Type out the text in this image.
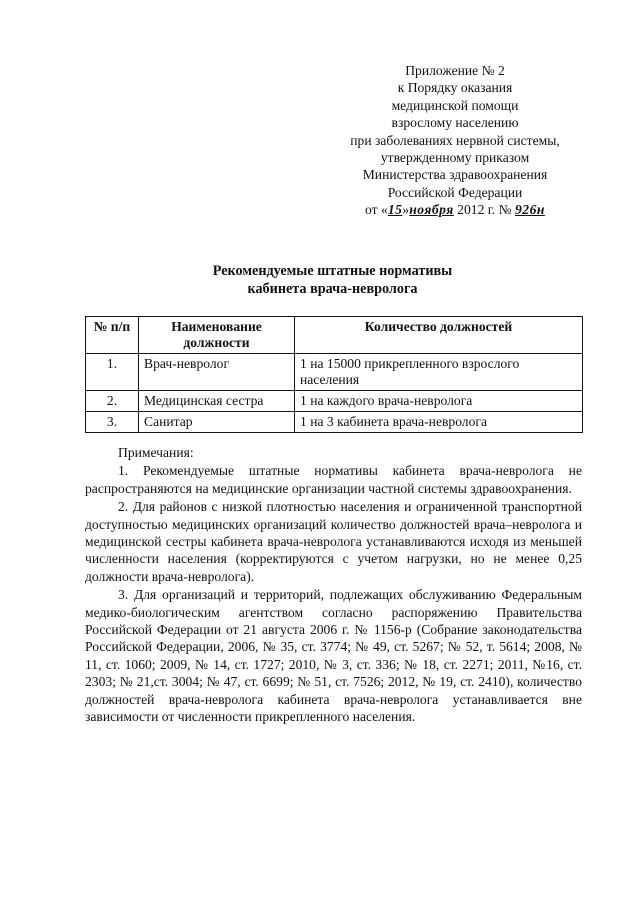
Приложение № 2
к Порядку оказания
медицинской помощи
взрослому населению
при заболеваниях нервной системы,
утвержденному приказом
Министерства здравоохранения
Российской Федерации
от «15»ноября 2012 г. № 926н
Рекомендуемые штатные нормативы
кабинета врача-невролога
№ п/п	Наименование должности	Количество должностей
1.	Врач-невролог	1 на 15000 прикрепленного взрослого населения
2.	Медицинская сестра	1 на каждого врача-невролога
3.	Санитар	1 на 3 кабинета врача-невролога

Примечания:

1. Рекомендуемые штатные нормативы кабинета врача-невролога не распространяются на медицинские организации частной системы здравоохранения.

2. Для районов с низкой плотностью населения и ограниченной транспортной доступностью медицинских организаций количество должностей врача–невролога и медицинской сестры кабинета врача-невролога устанавливаются исходя из меньшей численности населения (корректируются с учетом нагрузки, но не менее 0,25 должности врача-невролога).

3. Для организаций и территорий, подлежащих обслуживанию Федеральным медико-биологическим агентством согласно распоряжению Правительства Российской Федерации от 21 августа 2006 г. № 1156-р (Собрание законодательства Российской Федерации, 2006, № 35, ст. 3774; № 49, ст. 5267; № 52, т. 5614; 2008, № 11, ст. 1060; 2009, № 14, ст. 1727; 2010, № 3, ст. 336; № 18, ст. 2271; 2011, №16, ст. 2303; № 21,ст. 3004; № 47, ст. 6699; № 51, ст. 7526; 2012, № 19, ст. 2410), количество должностей врача-невролога кабинета врача-невролога устанавливается вне зависимости от численности прикрепленного населения.
